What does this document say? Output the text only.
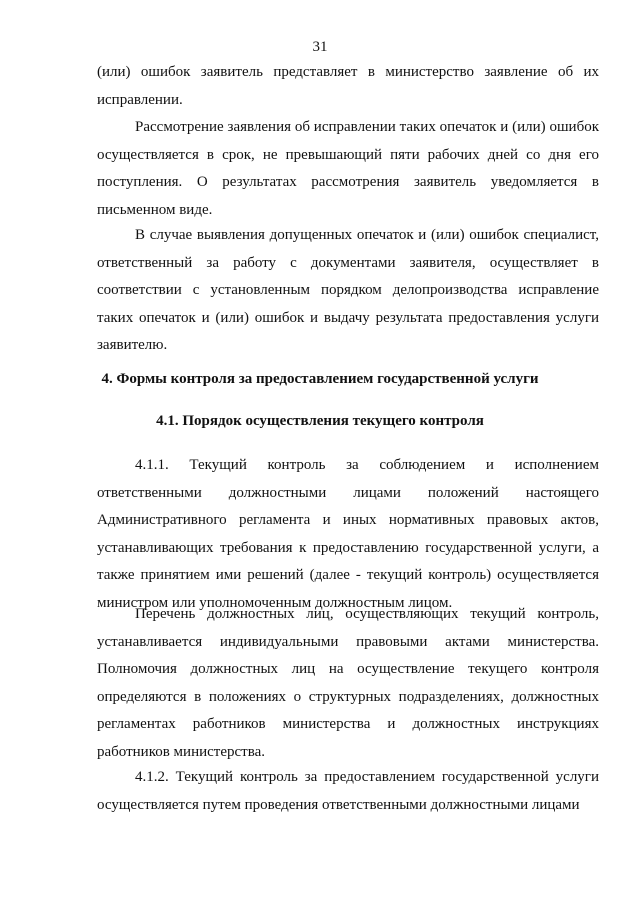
31

(или) ошибок заявитель представляет в министерство заявление об их исправлении.

Рассмотрение заявления об исправлении таких опечаток и (или) ошибок осуществляется в срок, не превышающий пяти рабочих дней со дня его поступления. О результатах рассмотрения заявитель уведомляется в письменном виде.

В случае выявления допущенных опечаток и (или) ошибок специалист, ответственный за работу с документами заявителя, осуществляет в соответствии с установленным порядком делопроизводства исправление таких опечаток и (или) ошибок и выдачу результата предоставления услуги заявителю.

4. Формы контроля за предоставлением государственной услуги
4.1. Порядок осуществления текущего контроля

4.1.1. Текущий контроль за соблюдением и исполнением ответственными должностными лицами положений настоящего Административного регламента и иных нормативных правовых актов, устанавливающих требования к предоставлению государственной услуги, а также принятием ими решений (далее - текущий контроль) осуществляется министром или уполномоченным должностным лицом.

Перечень должностных лиц, осуществляющих текущий контроль, устанавливается индивидуальными правовыми актами министерства. Полномочия должностных лиц на осуществление текущего контроля определяются в положениях о структурных подразделениях, должностных регламентах работников министерства и должностных инструкциях работников министерства.

4.1.2. Текущий контроль за предоставлением государственной услуги осуществляется путем проведения ответственными должностными лицами
